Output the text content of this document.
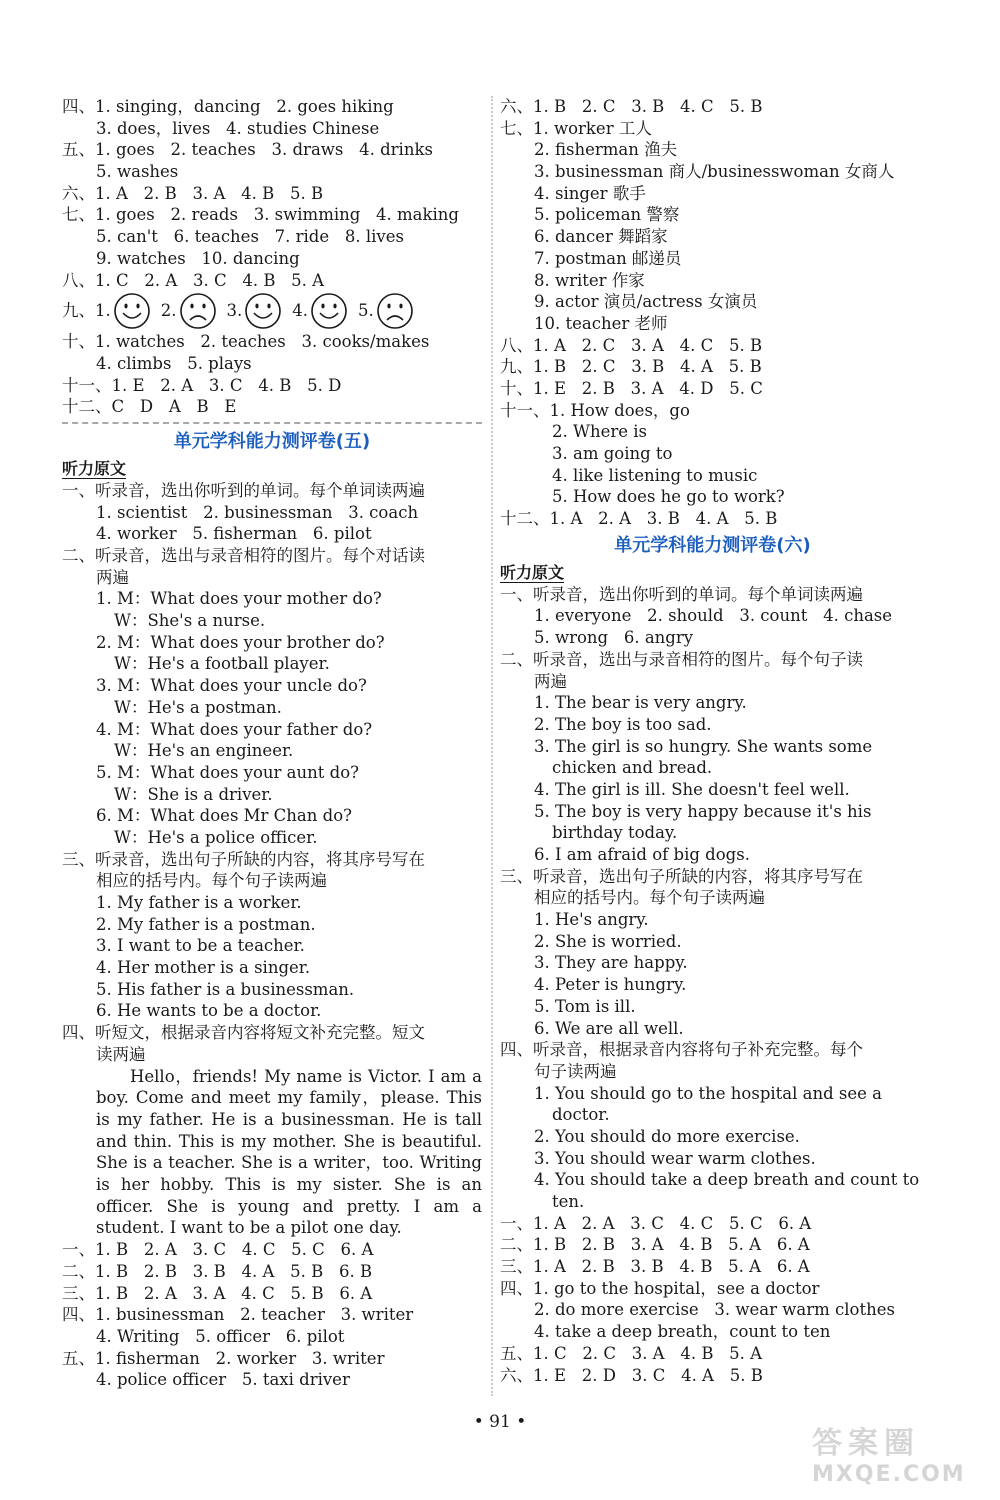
四、1. singing，dancing   2. goes hiking
3. does，lives   4. studies Chinese
五、1. goes   2. teaches   3. draws   4. drinks
5. washes
六、1. A   2. B   3. A   4. B   5. B
七、1. goes   2. reads   3. swimming   4. making
5. can't   6. teaches   7. ride   8. lives
9. watches   10. dancing
八、1. C   2. A   3. C   4. B   5. A
九、 1.	2.	3.	4.	5.
十、1. watches   2. teaches   3. cooks/makes
4. climbs   5. plays
十一、1. E   2. A   3. C   4. B   5. D
十二、C   D   A   B   E
单元学科能力测评卷(五)
听力原文
一、听录音，选出你听到的单词。每个单词读两遍
1. scientist   2. businessman   3. coach
4. worker   5. fisherman   6. pilot
二、听录音，选出与录音相符的图片。每个对话读
两遍
1. M：What does your mother do?
W：She's a nurse.
2. M：What does your brother do?
W：He's a football player.
3. M：What does your uncle do?
W：He's a postman.
4. M：What does your father do?
W：He's an engineer.
5. M：What does your aunt do?
W：She is a driver.
6. M：What does Mr Chan do?
W：He's a police officer.
三、听录音，选出句子所缺的内容，将其序号写在
相应的括号内。每个句子读两遍
1. My father is a worker.
2. My father is a postman.
3. I want to be a teacher.
4. Her mother is a singer.
5. His father is a businessman.
6. He wants to be a doctor.
四、听短文，根据录音内容将短文补充完整。短文
读两遍
Hello，friends! My name is Victor. I am a boy. Come and meet my family，please. This is my father. He is a businessman. He is tall and thin. This is my mother. She is beautiful. She is a teacher. She is a writer，too. Writing is her hobby. This is my sister. She is an officer. She is young and pretty. I am a student. I want to be a pilot one day.
一、1. B   2. A   3. C   4. C   5. C   6. A
二、1. B   2. B   3. B   4. A   5. B   6. B
三、1. B   2. A   3. A   4. C   5. B   6. A
四、1. businessman   2. teacher   3. writer
4. Writing   5. officer   6. pilot
五、1. fisherman   2. worker   3. writer
4. police officer   5. taxi driver
六、1. B   2. C   3. B   4. C   5. B
七、1. worker 工人
2. fisherman 渔夫
3. businessman 商人/businesswoman 女商人
4. singer 歌手
5. policeman 警察
6. dancer 舞蹈家
7. postman 邮递员
8. writer 作家
9. actor 演员/actress 女演员
10. teacher 老师
八、1. A   2. C   3. A   4. C   5. B
九、1. B   2. C   3. B   4. A   5. B
十、1. E   2. B   3. A   4. D   5. C
十一、1. How does，go
2. Where is
3. am going to
4. like listening to music
5. How does he go to work?
十二、1. A   2. A   3. B   4. A   5. B
单元学科能力测评卷(六)
听力原文
一、听录音，选出你听到的单词。每个单词读两遍
1. everyone   2. should   3. count   4. chase
5. wrong   6. angry
二、听录音，选出与录音相符的图片。每个句子读
两遍
1. The bear is very angry.
2. The boy is too sad.
3. The girl is so hungry. She wants some
chicken and bread.
4. The girl is ill. She doesn't feel well.
5. The boy is very happy because it's his
birthday today.
6. I am afraid of big dogs.
三、听录音，选出句子所缺的内容，将其序号写在
相应的括号内。每个句子读两遍
1. He's angry.
2. She is worried.
3. They are happy.
4. Peter is hungry.
5. Tom is ill.
6. We are all well.
四、听录音，根据录音内容将句子补充完整。每个
句子读两遍
1. You should go to the hospital and see a
doctor.
2. You should do more exercise.
3. You should wear warm clothes.
4. You should take a deep breath and count to
ten.
一、1. A   2. A   3. C   4. C   5. C   6. A
二、1. B   2. B   3. A   4. B   5. A   6. A
三、1. A   2. B   3. B   4. B   5. A   6. A
四、1. go to the hospital，see a doctor
2. do more exercise   3. wear warm clothes
4. take a deep breath，count to ten
五、1. C   2. C   3. A   4. B   5. A
六、1. E   2. D   3. C   4. A   5. B
• 91 •
答案圈
MXQE.COM
